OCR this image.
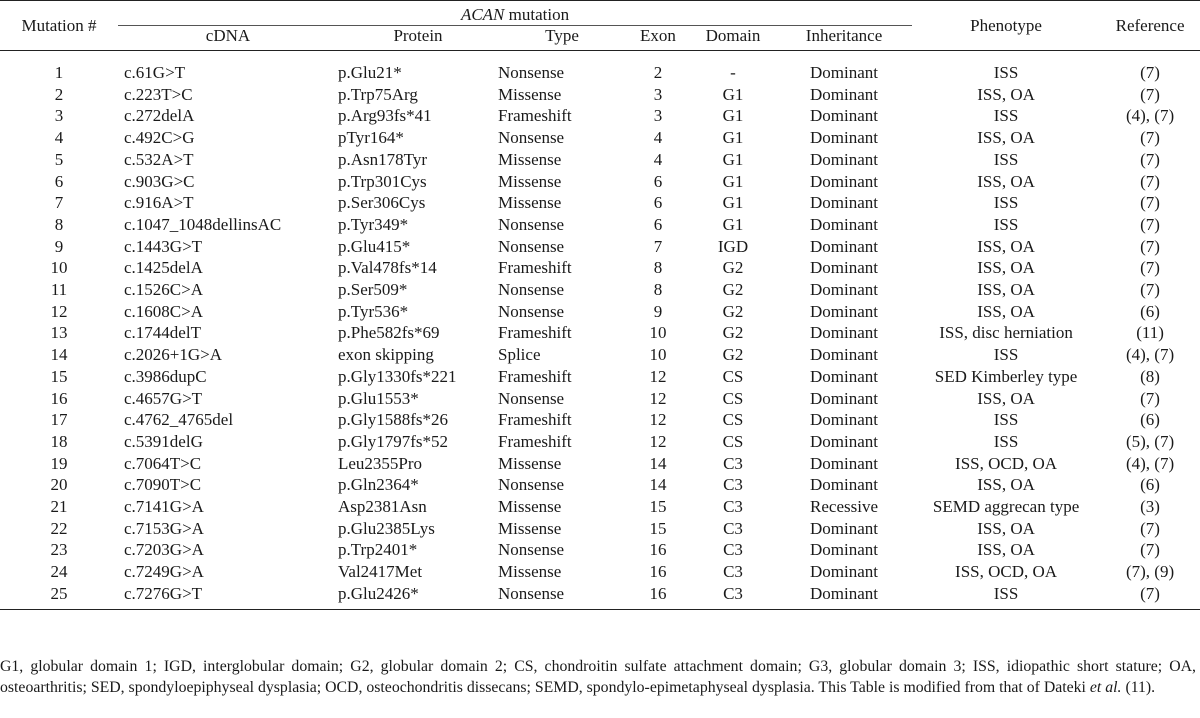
Mutation #	ACAN mutation						Phenotype	Reference
	cDNA	Protein	Type	Exon	Domain	Inheritance		

1	c.61G>T	p.Glu21*	Nonsense	2	-	Dominant	ISS	(7)
2	c.223T>C	p.Trp75Arg	Missense	3	G1	Dominant	ISS, OA	(7)
3	c.272delA	p.Arg93fs*41	Frameshift	3	G1	Dominant	ISS	(4), (7)
4	c.492C>G	pTyr164*	Nonsense	4	G1	Dominant	ISS, OA	(7)
5	c.532A>T	p.Asn178Tyr	Missense	4	G1	Dominant	ISS	(7)
6	c.903G>C	p.Trp301Cys	Missense	6	G1	Dominant	ISS, OA	(7)
7	c.916A>T	p.Ser306Cys	Missense	6	G1	Dominant	ISS	(7)
8	c.1047_1048dellinsAC	p.Tyr349*	Nonsense	6	G1	Dominant	ISS	(7)
9	c.1443G>T	p.Glu415*	Nonsense	7	IGD	Dominant	ISS, OA	(7)
10	c.1425delA	p.Val478fs*14	Frameshift	8	G2	Dominant	ISS, OA	(7)
11	c.1526C>A	p.Ser509*	Nonsense	8	G2	Dominant	ISS, OA	(7)
12	c.1608C>A	p.Tyr536*	Nonsense	9	G2	Dominant	ISS, OA	(6)
13	c.1744delT	p.Phe582fs*69	Frameshift	10	G2	Dominant	ISS, disc herniation	(11)
14	c.2026+1G>A	exon skipping	Splice	10	G2	Dominant	ISS	(4), (7)
15	c.3986dupC	p.Gly1330fs*221	Frameshift	12	CS	Dominant	SED Kimberley type	(8)
16	c.4657G>T	p.Glu1553*	Nonsense	12	CS	Dominant	ISS, OA	(7)
17	c.4762_4765del	p.Gly1588fs*26	Frameshift	12	CS	Dominant	ISS	(6)
18	c.5391delG	p.Gly1797fs*52	Frameshift	12	CS	Dominant	ISS	(5), (7)
19	c.7064T>C	Leu2355Pro	Missense	14	C3	Dominant	ISS, OCD, OA	(4), (7)
20	c.7090T>C	p.Gln2364*	Nonsense	14	C3	Dominant	ISS, OA	(6)
21	c.7141G>A	Asp2381Asn	Missense	15	C3	Recessive	SEMD aggrecan type	(3)
22	c.7153G>A	p.Glu2385Lys	Missense	15	C3	Dominant	ISS, OA	(7)
23	c.7203G>A	p.Trp2401*	Nonsense	16	C3	Dominant	ISS, OA	(7)
24	c.7249G>A	Val2417Met	Missense	16	C3	Dominant	ISS, OCD, OA	(7), (9)
25	c.7276G>T	p.Glu2426*	Nonsense	16	C3	Dominant	ISS	(7)

G1, globular domain 1; IGD, interglobular domain; G2, globular domain 2; CS, chondroitin sulfate attachment domain; G3, globular domain 3; ISS, idiopathic short stature; OA, osteoarthritis; SED, spondyloepiphyseal dysplasia; OCD, osteochondritis dissecans; SEMD, spondylo-epimetaphyseal dysplasia. This Table is modified from that of Dateki et al. (11).
